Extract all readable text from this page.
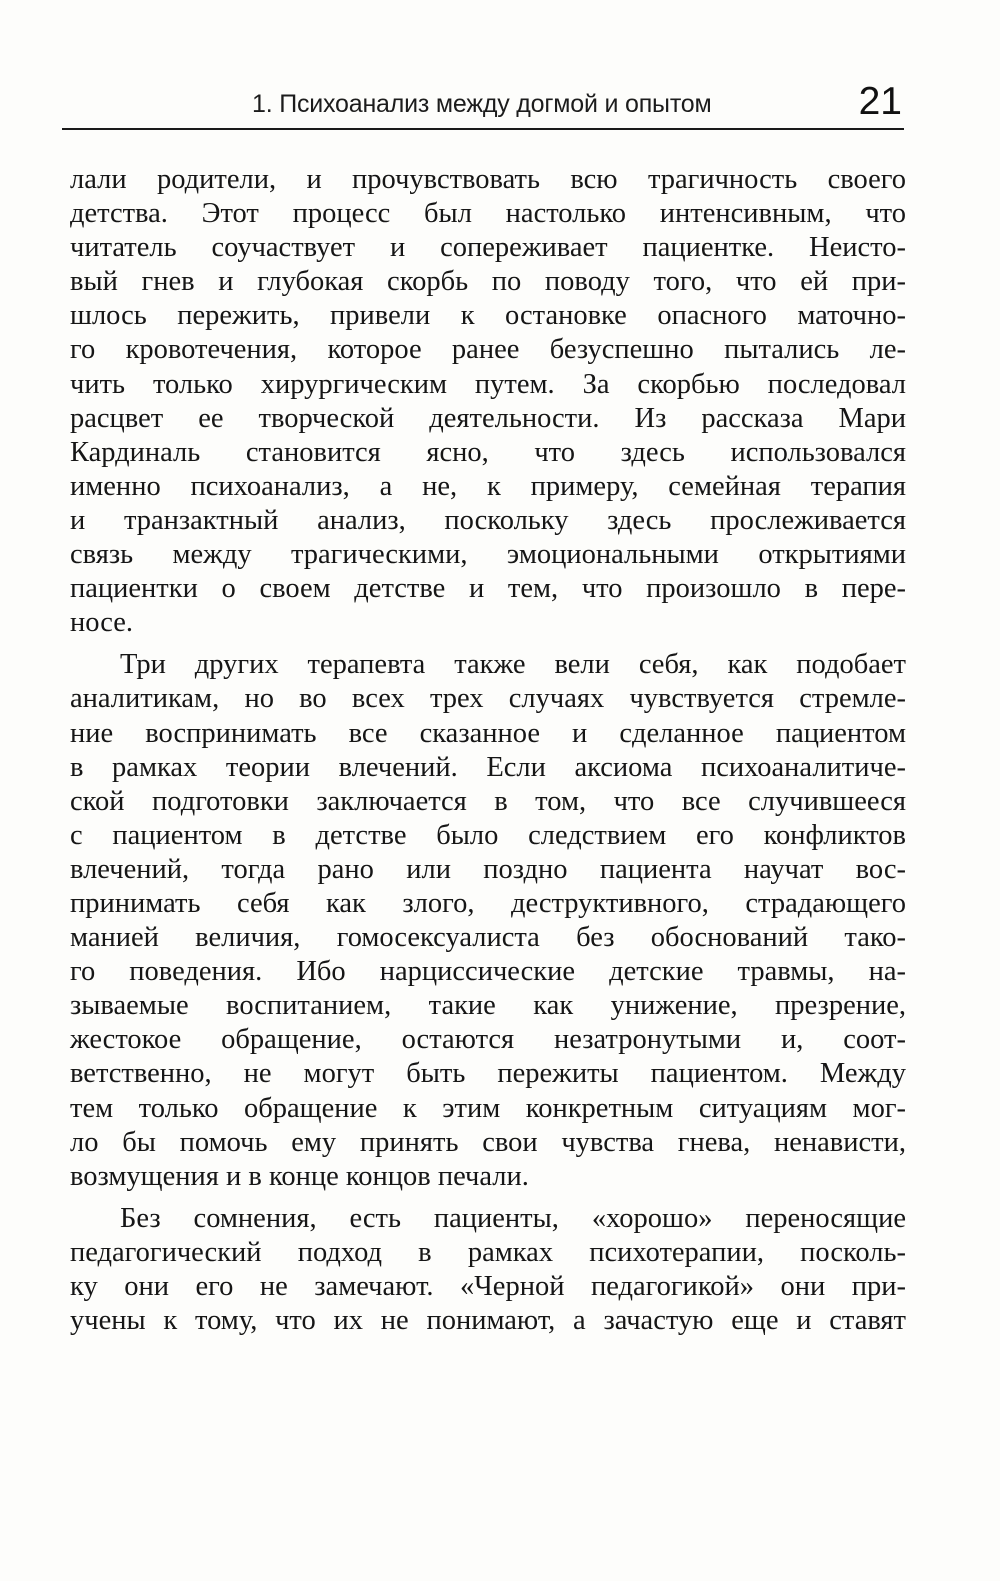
1. Психоанализ между догмой и опытом	21
лали родители, и прочувствовать всю трагичность своего
детства. Этот процесс был настолько интенсивным, что
читатель соучаствует и сопереживает пациентке. Неисто-
вый гнев и глубокая скорбь по поводу того, что ей при-
шлось пережить, привели к остановке опасного маточно-
го кровотечения, которое ранее безуспешно пытались ле-
чить только хирургическим путем. За скорбью последовал
расцвет ее творческой деятельности. Из рассказа Мари
Кардиналь становится ясно, что здесь использовался
именно психоанализ, а не, к примеру, семейная терапия
и транзактный анализ, поскольку здесь прослеживается
связь между трагическими, эмоциональными открытиями
пациентки о своем детстве и тем, что произошло в пере-
носе.
Три других терапевта также вели себя, как подобает
аналитикам, но во всех трех случаях чувствуется стремле-
ние воспринимать все сказанное и сделанное пациентом
в рамках теории влечений. Если аксиома психоаналитиче-
ской подготовки заключается в том, что все случившееся
с пациентом в детстве было следствием его конфликтов
влечений, тогда рано или поздно пациента научат вос-
принимать себя как злого, деструктивного, страдающего
манией величия, гомосексуалиста без обоснований тако-
го поведения. Ибо нарциссические детские травмы, на-
зываемые воспитанием, такие как унижение, презрение,
жестокое обращение, остаются незатронутыми и, соот-
ветственно, не могут быть пережиты пациентом. Между
тем только обращение к этим конкретным ситуациям мог-
ло бы помочь ему принять свои чувства гнева, ненависти,
возмущения и в конце концов печали.
Без сомнения, есть пациенты, «хорошо» переносящие
педагогический подход в рамках психотерапии, посколь-
ку они его не замечают. «Черной педагогикой» они при-
учены к тому, что их не понимают, а зачастую еще и ставят
